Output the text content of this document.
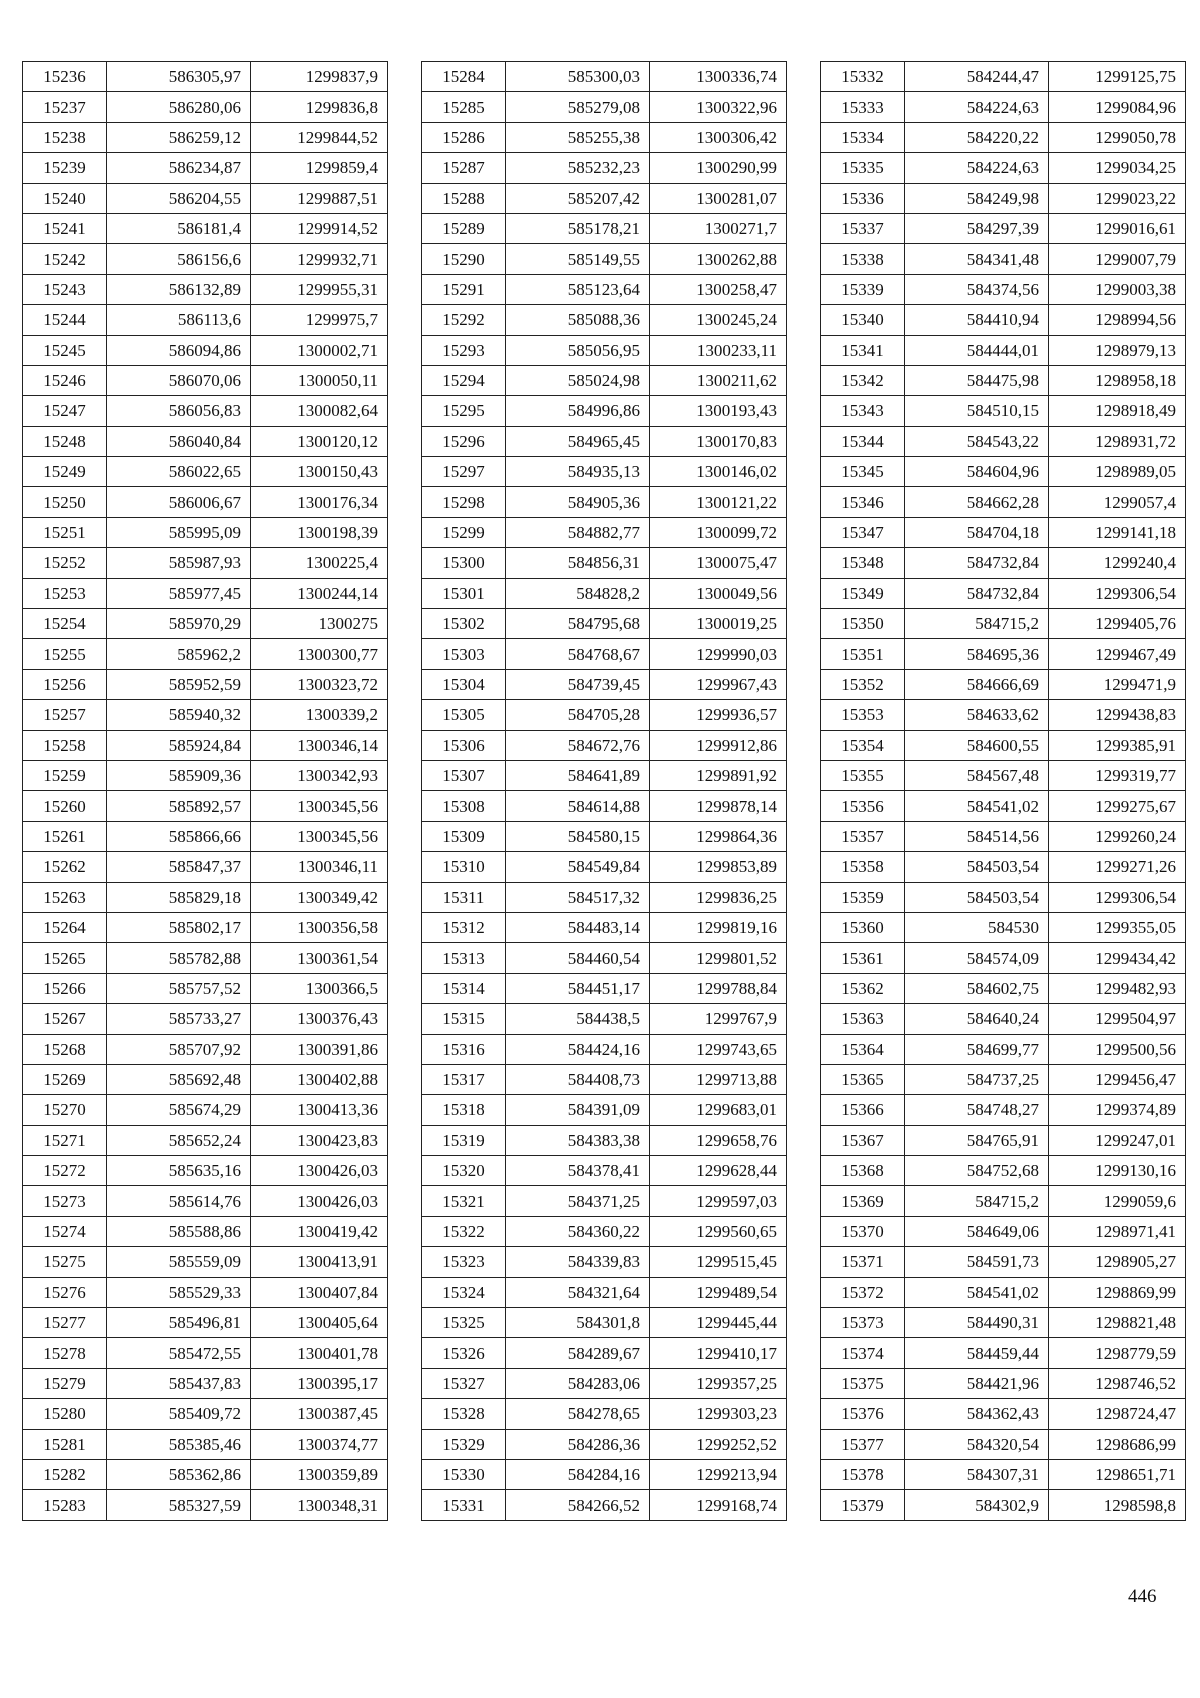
15236	586305,97	1299837,9
15237	586280,06	1299836,8
15238	586259,12	1299844,52
15239	586234,87	1299859,4
15240	586204,55	1299887,51
15241	586181,4	1299914,52
15242	586156,6	1299932,71
15243	586132,89	1299955,31
15244	586113,6	1299975,7
15245	586094,86	1300002,71
15246	586070,06	1300050,11
15247	586056,83	1300082,64
15248	586040,84	1300120,12
15249	586022,65	1300150,43
15250	586006,67	1300176,34
15251	585995,09	1300198,39
15252	585987,93	1300225,4
15253	585977,45	1300244,14
15254	585970,29	1300275
15255	585962,2	1300300,77
15256	585952,59	1300323,72
15257	585940,32	1300339,2
15258	585924,84	1300346,14
15259	585909,36	1300342,93
15260	585892,57	1300345,56
15261	585866,66	1300345,56
15262	585847,37	1300346,11
15263	585829,18	1300349,42
15264	585802,17	1300356,58
15265	585782,88	1300361,54
15266	585757,52	1300366,5
15267	585733,27	1300376,43
15268	585707,92	1300391,86
15269	585692,48	1300402,88
15270	585674,29	1300413,36
15271	585652,24	1300423,83
15272	585635,16	1300426,03
15273	585614,76	1300426,03
15274	585588,86	1300419,42
15275	585559,09	1300413,91
15276	585529,33	1300407,84
15277	585496,81	1300405,64
15278	585472,55	1300401,78
15279	585437,83	1300395,17
15280	585409,72	1300387,45
15281	585385,46	1300374,77
15282	585362,86	1300359,89
15283	585327,59	1300348,31
15284	585300,03	1300336,74
15285	585279,08	1300322,96
15286	585255,38	1300306,42
15287	585232,23	1300290,99
15288	585207,42	1300281,07
15289	585178,21	1300271,7
15290	585149,55	1300262,88
15291	585123,64	1300258,47
15292	585088,36	1300245,24
15293	585056,95	1300233,11
15294	585024,98	1300211,62
15295	584996,86	1300193,43
15296	584965,45	1300170,83
15297	584935,13	1300146,02
15298	584905,36	1300121,22
15299	584882,77	1300099,72
15300	584856,31	1300075,47
15301	584828,2	1300049,56
15302	584795,68	1300019,25
15303	584768,67	1299990,03
15304	584739,45	1299967,43
15305	584705,28	1299936,57
15306	584672,76	1299912,86
15307	584641,89	1299891,92
15308	584614,88	1299878,14
15309	584580,15	1299864,36
15310	584549,84	1299853,89
15311	584517,32	1299836,25
15312	584483,14	1299819,16
15313	584460,54	1299801,52
15314	584451,17	1299788,84
15315	584438,5	1299767,9
15316	584424,16	1299743,65
15317	584408,73	1299713,88
15318	584391,09	1299683,01
15319	584383,38	1299658,76
15320	584378,41	1299628,44
15321	584371,25	1299597,03
15322	584360,22	1299560,65
15323	584339,83	1299515,45
15324	584321,64	1299489,54
15325	584301,8	1299445,44
15326	584289,67	1299410,17
15327	584283,06	1299357,25
15328	584278,65	1299303,23
15329	584286,36	1299252,52
15330	584284,16	1299213,94
15331	584266,52	1299168,74
15332	584244,47	1299125,75
15333	584224,63	1299084,96
15334	584220,22	1299050,78
15335	584224,63	1299034,25
15336	584249,98	1299023,22
15337	584297,39	1299016,61
15338	584341,48	1299007,79
15339	584374,56	1299003,38
15340	584410,94	1298994,56
15341	584444,01	1298979,13
15342	584475,98	1298958,18
15343	584510,15	1298918,49
15344	584543,22	1298931,72
15345	584604,96	1298989,05
15346	584662,28	1299057,4
15347	584704,18	1299141,18
15348	584732,84	1299240,4
15349	584732,84	1299306,54
15350	584715,2	1299405,76
15351	584695,36	1299467,49
15352	584666,69	1299471,9
15353	584633,62	1299438,83
15354	584600,55	1299385,91
15355	584567,48	1299319,77
15356	584541,02	1299275,67
15357	584514,56	1299260,24
15358	584503,54	1299271,26
15359	584503,54	1299306,54
15360	584530	1299355,05
15361	584574,09	1299434,42
15362	584602,75	1299482,93
15363	584640,24	1299504,97
15364	584699,77	1299500,56
15365	584737,25	1299456,47
15366	584748,27	1299374,89
15367	584765,91	1299247,01
15368	584752,68	1299130,16
15369	584715,2	1299059,6
15370	584649,06	1298971,41
15371	584591,73	1298905,27
15372	584541,02	1298869,99
15373	584490,31	1298821,48
15374	584459,44	1298779,59
15375	584421,96	1298746,52
15376	584362,43	1298724,47
15377	584320,54	1298686,99
15378	584307,31	1298651,71
15379	584302,9	1298598,8
446
